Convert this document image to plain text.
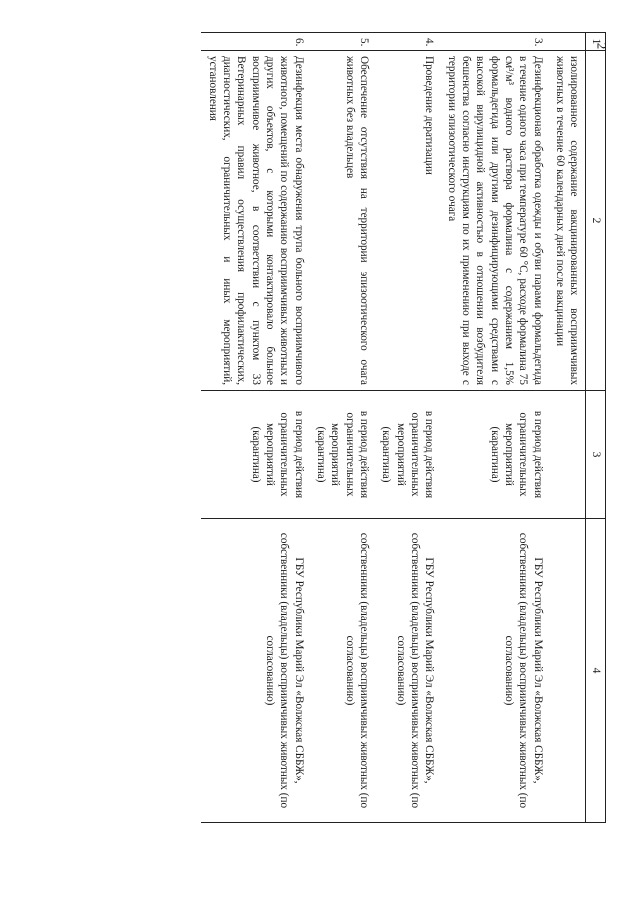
2
1	2	3	4
	изолированное содержание вакцинированных восприимчивых животных в течение 60 календарных дней после вакцинации		
3.	Дезинфекционая обработка одежды и обуви парами формальдегида в течение одного часа при температуре 60 °С, расходе формалина 75 см³/м³ водного раствора формалина с содержанием 1,5% формальдегида или другими дезинфицирующими средствами с высокой вирулицидной активностью в отношении возбудителя бешенства согласно инструкциям по их применению при выходе с территории эпизоотического очага	в период действия ограничительных мероприятий (карантина)	ГБУ Республики Марий Эл «Волжская СББЖ», собственники (владельцы) восприимчивых животных (по согласованию)
4.	Проведение дератизации	в период действия ограничительных мероприятий (карантина)	ГБУ Республики Марий Эл «Волжская СББЖ», собственники (владельцы) восприимчивых животных (по согласованию)
5.	Обеспечение отсутствия на территории эпизоотического очага животных без владельцев	в период действия ограничительных мероприятий (карантина)	собственники (владельцы) восприимчивых животных (по согласованию)
6.	Дезинфекция места обнаружения трупа больного восприимчивого животного, помещений по содержанию восприимчивых животных и других объектов, с которыми контактировало больное восприимчивое животное, в соответствии с пунктом 33 Ветеринарных правил осуществления профилактических, диагностических, ограничительных и иных мероприятий, установления	в период действия ограничительных мероприятий (карантина)	ГБУ Республики Марий Эл «Волжская СББЖ», собственники (владельцы) восприимчивых животных (по согласованию)
